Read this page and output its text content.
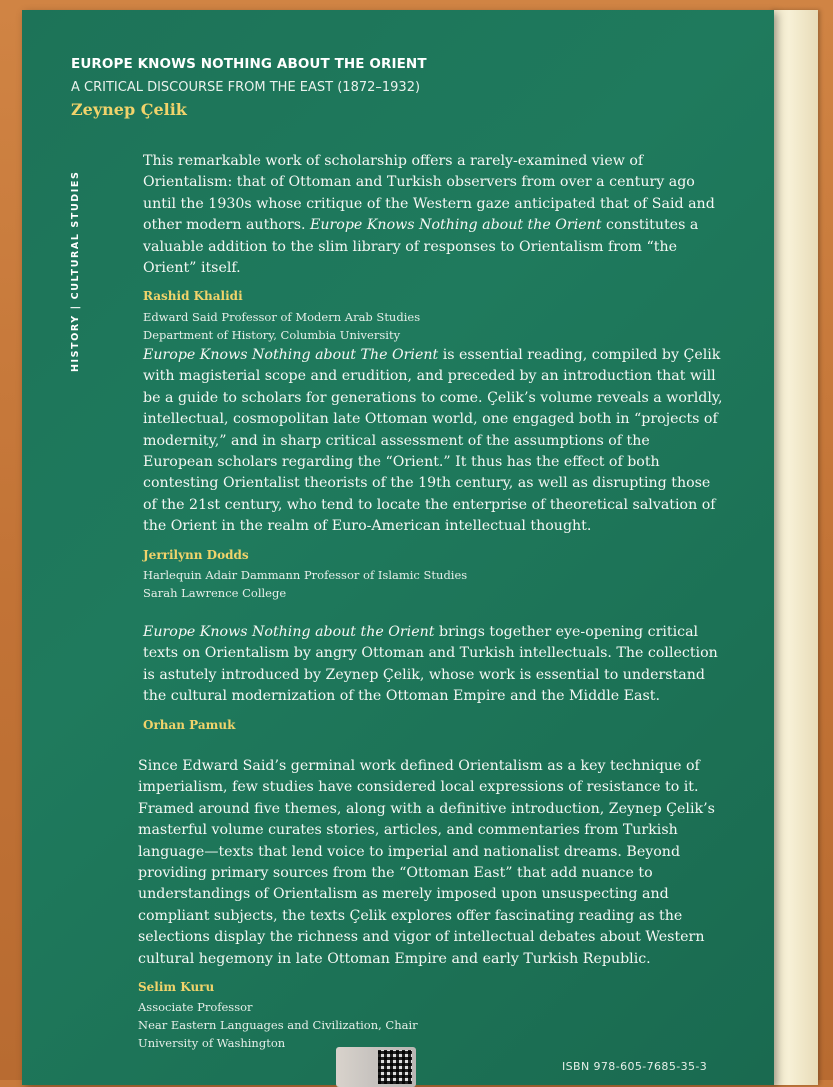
EUROPE KNOWS NOTHING ABOUT THE ORIENT
A CRITICAL DISCOURSE FROM THE EAST (1872–1932)
Zeynep Çelik
HISTORY | CULTURAL STUDIES

This remarkable work of scholarship offers a rarely-examined view of Orientalism: that of Ottoman and Turkish observers from over a century ago until the 1930s whose critique of the Western gaze anticipated that of Said and other modern authors. Europe Knows Nothing about the Orient constitutes a valuable addition to the slim library of responses to Orientalism from “the Orient” itself.

Rashid Khalidi
Edward Said Professor of Modern Arab Studies
Department of History, Columbia University

Europe Knows Nothing about The Orient is essential reading, compiled by Çelik with magisterial scope and erudition, and preceded by an introduction that will be a guide to scholars for generations to come. Çelik’s volume reveals a worldly, intellectual, cosmopolitan late Ottoman world, one engaged both in “projects of modernity,” and in sharp critical assessment of the assumptions of the European scholars regarding the “Orient.” It thus has the effect of both contesting Orientalist theorists of the 19th century, as well as disrupting those of the 21st century, who tend to locate the enterprise of theoretical salvation of the Orient in the realm of Euro-American intellectual thought.

Jerrilynn Dodds
Harlequin Adair Dammann Professor of Islamic Studies
Sarah Lawrence College

Europe Knows Nothing about the Orient brings together eye-opening critical texts on Orientalism by angry Ottoman and Turkish intellectuals. The collection is astutely introduced by Zeynep Çelik, whose work is essential to understand the cultural modernization of the Ottoman Empire and the Middle East.

Orhan Pamuk

Since Edward Said’s germinal work defined Orientalism as a key technique of imperialism, few studies have considered local expressions of resistance to it. Framed around five themes, along with a definitive introduction, Zeynep Çelik’s masterful volume curates stories, articles, and commentaries from Turkish language—texts that lend voice to imperial and nationalist dreams. Beyond providing primary sources from the “Ottoman East” that add nuance to understandings of Orientalism as merely imposed upon unsuspecting and compliant subjects, the texts Çelik explores offer fascinating reading as the selections display the richness and vigor of intellectual debates about Western cultural hegemony in late Ottoman Empire and early Turkish Republic.

Selim Kuru
Associate Professor
Near Eastern Languages and Civilization, Chair
University of Washington
ISBN 978-605-7685-35-3
